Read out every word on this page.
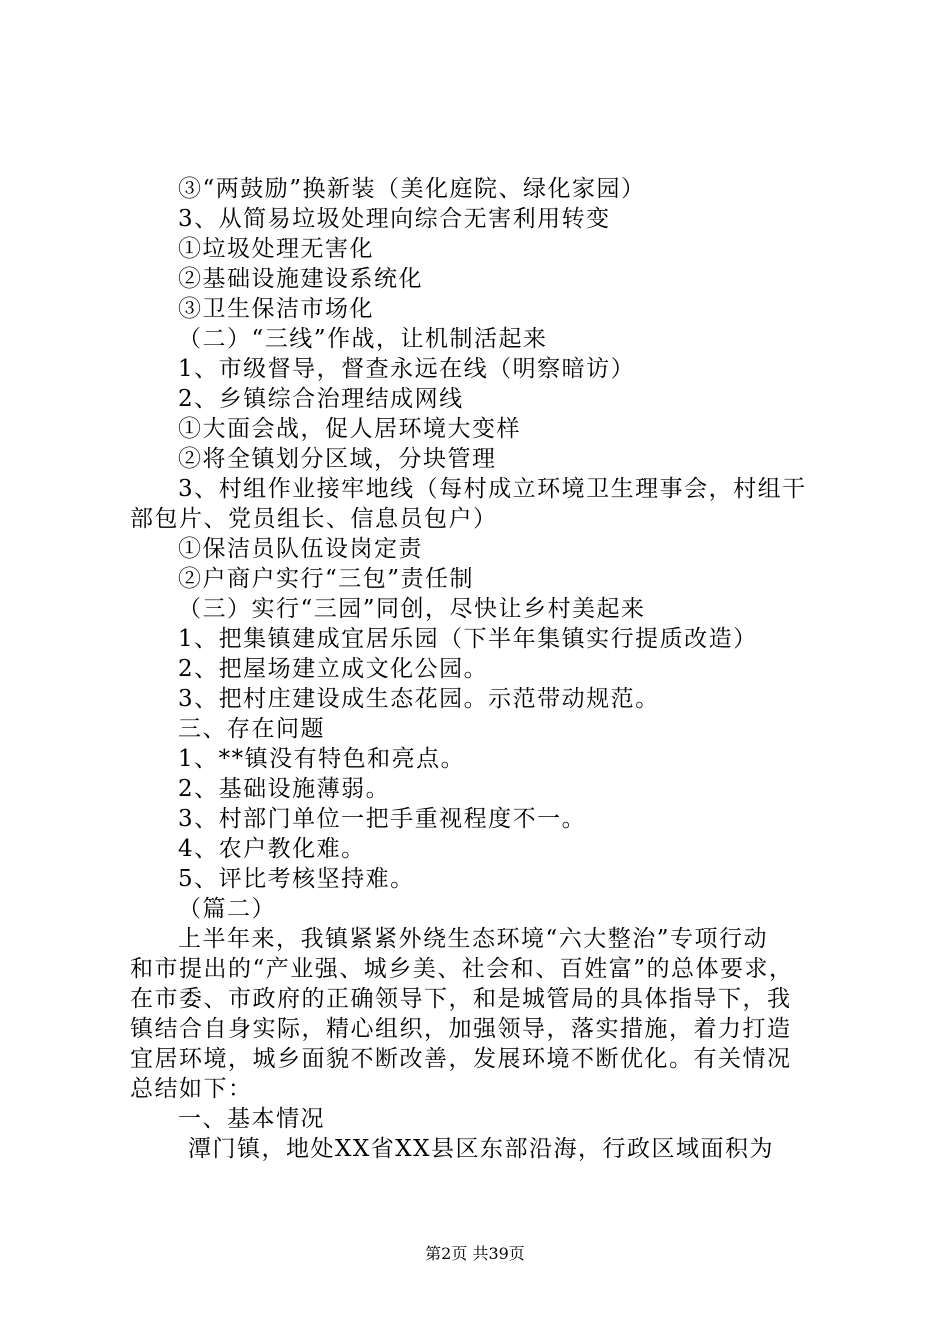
③“两鼓励”换新装（美化庭院、绿化家园）
3、从简易垃圾处理向综合无害利用转变
①垃圾处理无害化
②基础设施建设系统化
③卫生保洁市场化
（二）“三线”作战，让机制活起来
1、市级督导，督查永远在线（明察暗访）
2、乡镇综合治理结成网线
①大面会战，促人居环境大变样
②将全镇划分区域，分块管理
3、村组作业接牢地线（每村成立环境卫生理事会，村组干
部包片、党员组长、信息员包户）
①保洁员队伍设岗定责
②户商户实行“三包”责任制
（三）实行“三园”同创，尽快让乡村美起来
1、把集镇建成宜居乐园（下半年集镇实行提质改造）
2、把屋场建立成文化公园。
3、把村庄建设成生态花园。示范带动规范。
三、存在问题
1、**镇没有特色和亮点。
2、基础设施薄弱。
3、村部门单位一把手重视程度不一。
4、农户教化难。
5、评比考核坚持难。
（篇二）
上半年来，我镇紧紧外绕生态环境“六大整治”专项行动
和市提出的“产业强、城乡美、社会和、百姓富”的总体要求，
在市委、市政府的正确领导下，和是城管局的具体指导下，我
镇结合自身实际，精心组织，加强领导，落实措施，着力打造
宜居环境，城乡面貌不断改善，发展环境不断优化。有关情况
总结如下：
一、基本情况
潭门镇，地处XX省XX县区东部沿海，行政区域面积为
第2页 共39页
